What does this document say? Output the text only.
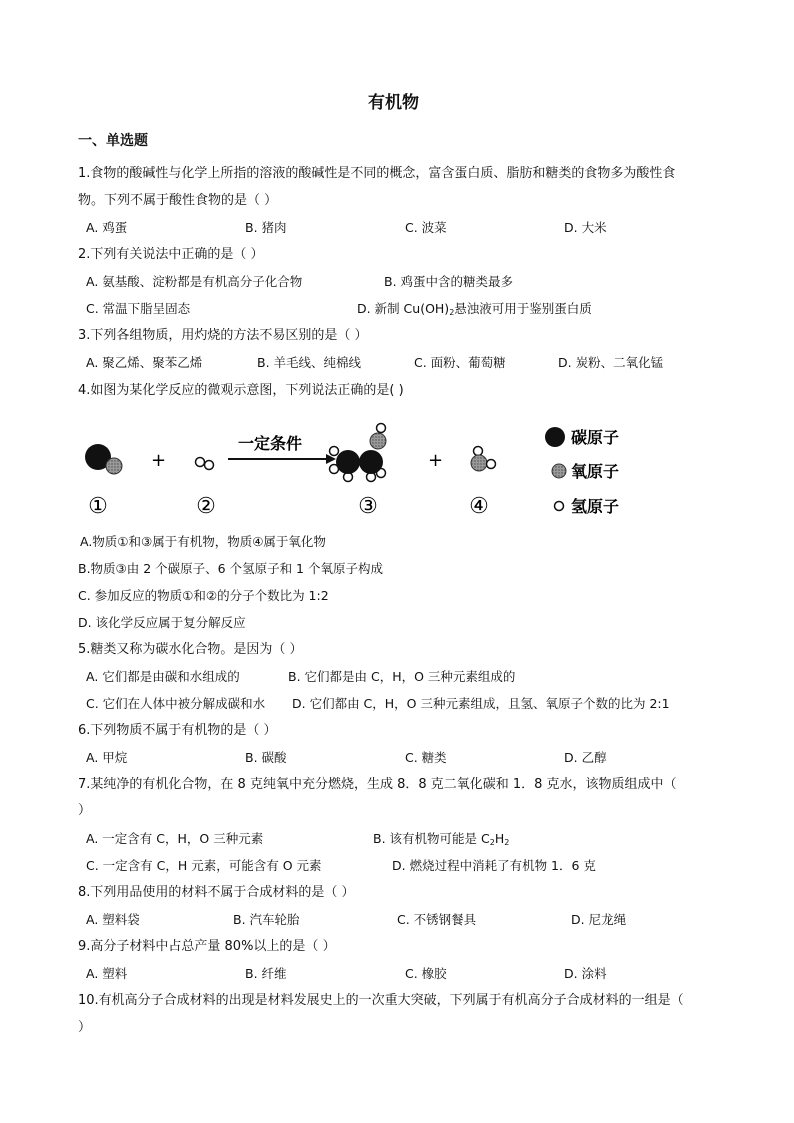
有机物
一、单选题
1.食物的酸碱性与化学上所指的溶液的酸碱性是不同的概念，富含蛋白质、脂肪和糖类的食物多为酸性食
物。下列不属于酸性食物的是（ ）
A. 鸡蛋	B. 猪肉	C. 波菜	D. 大米
2.下列有关说法中正确的是（ ）
A. 氨基酸、淀粉都是有机高分子化合物	B. 鸡蛋中含的糖类最多
C. 常温下脂呈固态	D. 新制 $Cu(OH)_2$悬浊液可用于鉴别蛋白质
3.下列各组物质，用灼烧的方法不易区别的是（ ）
A. 聚乙烯、聚苯乙烯	B. 羊毛线、纯棉线	C. 面粉、葡萄糖	D. 炭粉、二氧化锰
4.如图为某化学反应的微观示意图，下列说法正确的是( )
+
一定条件
+
①	②	③	④
碳原子
氧原子
氢原子
A.物质①和③属于有机物，物质④属于氧化物
B.物质③由 2 个碳原子、6 个氢原子和 1 个氧原子构成
C. 参加反应的物质①和②的分子个数比为 1:2
D. 该化学反应属于复分解反应
5.糖类又称为碳水化合物。是因为（ ）
A. 它们都是由碳和水组成的	B. 它们都是由 C，H，O 三种元素组成的
C. 它们在人体中被分解成碳和水 D. 它们都由 C，H，O 三种元素组成，且氢、氧原子个数的比为 2:1
6.下列物质不属于有机物的是（ ）
A. 甲烷	B. 碳酸	C. 糖类	D. 乙醇
7.某纯净的有机化合物，在 8 克纯氧中充分燃烧，生成 8．8 克二氧化碳和 1．8 克水，该物质组成中（
）
A. 一定含有 C，H，O 三种元素	B. 该有机物可能是 $C_2H_2$
C. 一定含有 C，H 元素，可能含有 O 元素	D. 燃烧过程中消耗了有机物 1．6 克
8.下列用品使用的材料不属于合成材料的是（ ）
A. 塑料袋	B. 汽车轮胎	C. 不锈钢餐具	D. 尼龙绳
9.高分子材料中占总产量 80%以上的是（ ）
A. 塑料	B. 纤维	C. 橡胶	D. 涂料
10.有机高分子合成材料的出现是材料发展史上的一次重大突破，下列属于有机高分子合成材料的一组是（
）
